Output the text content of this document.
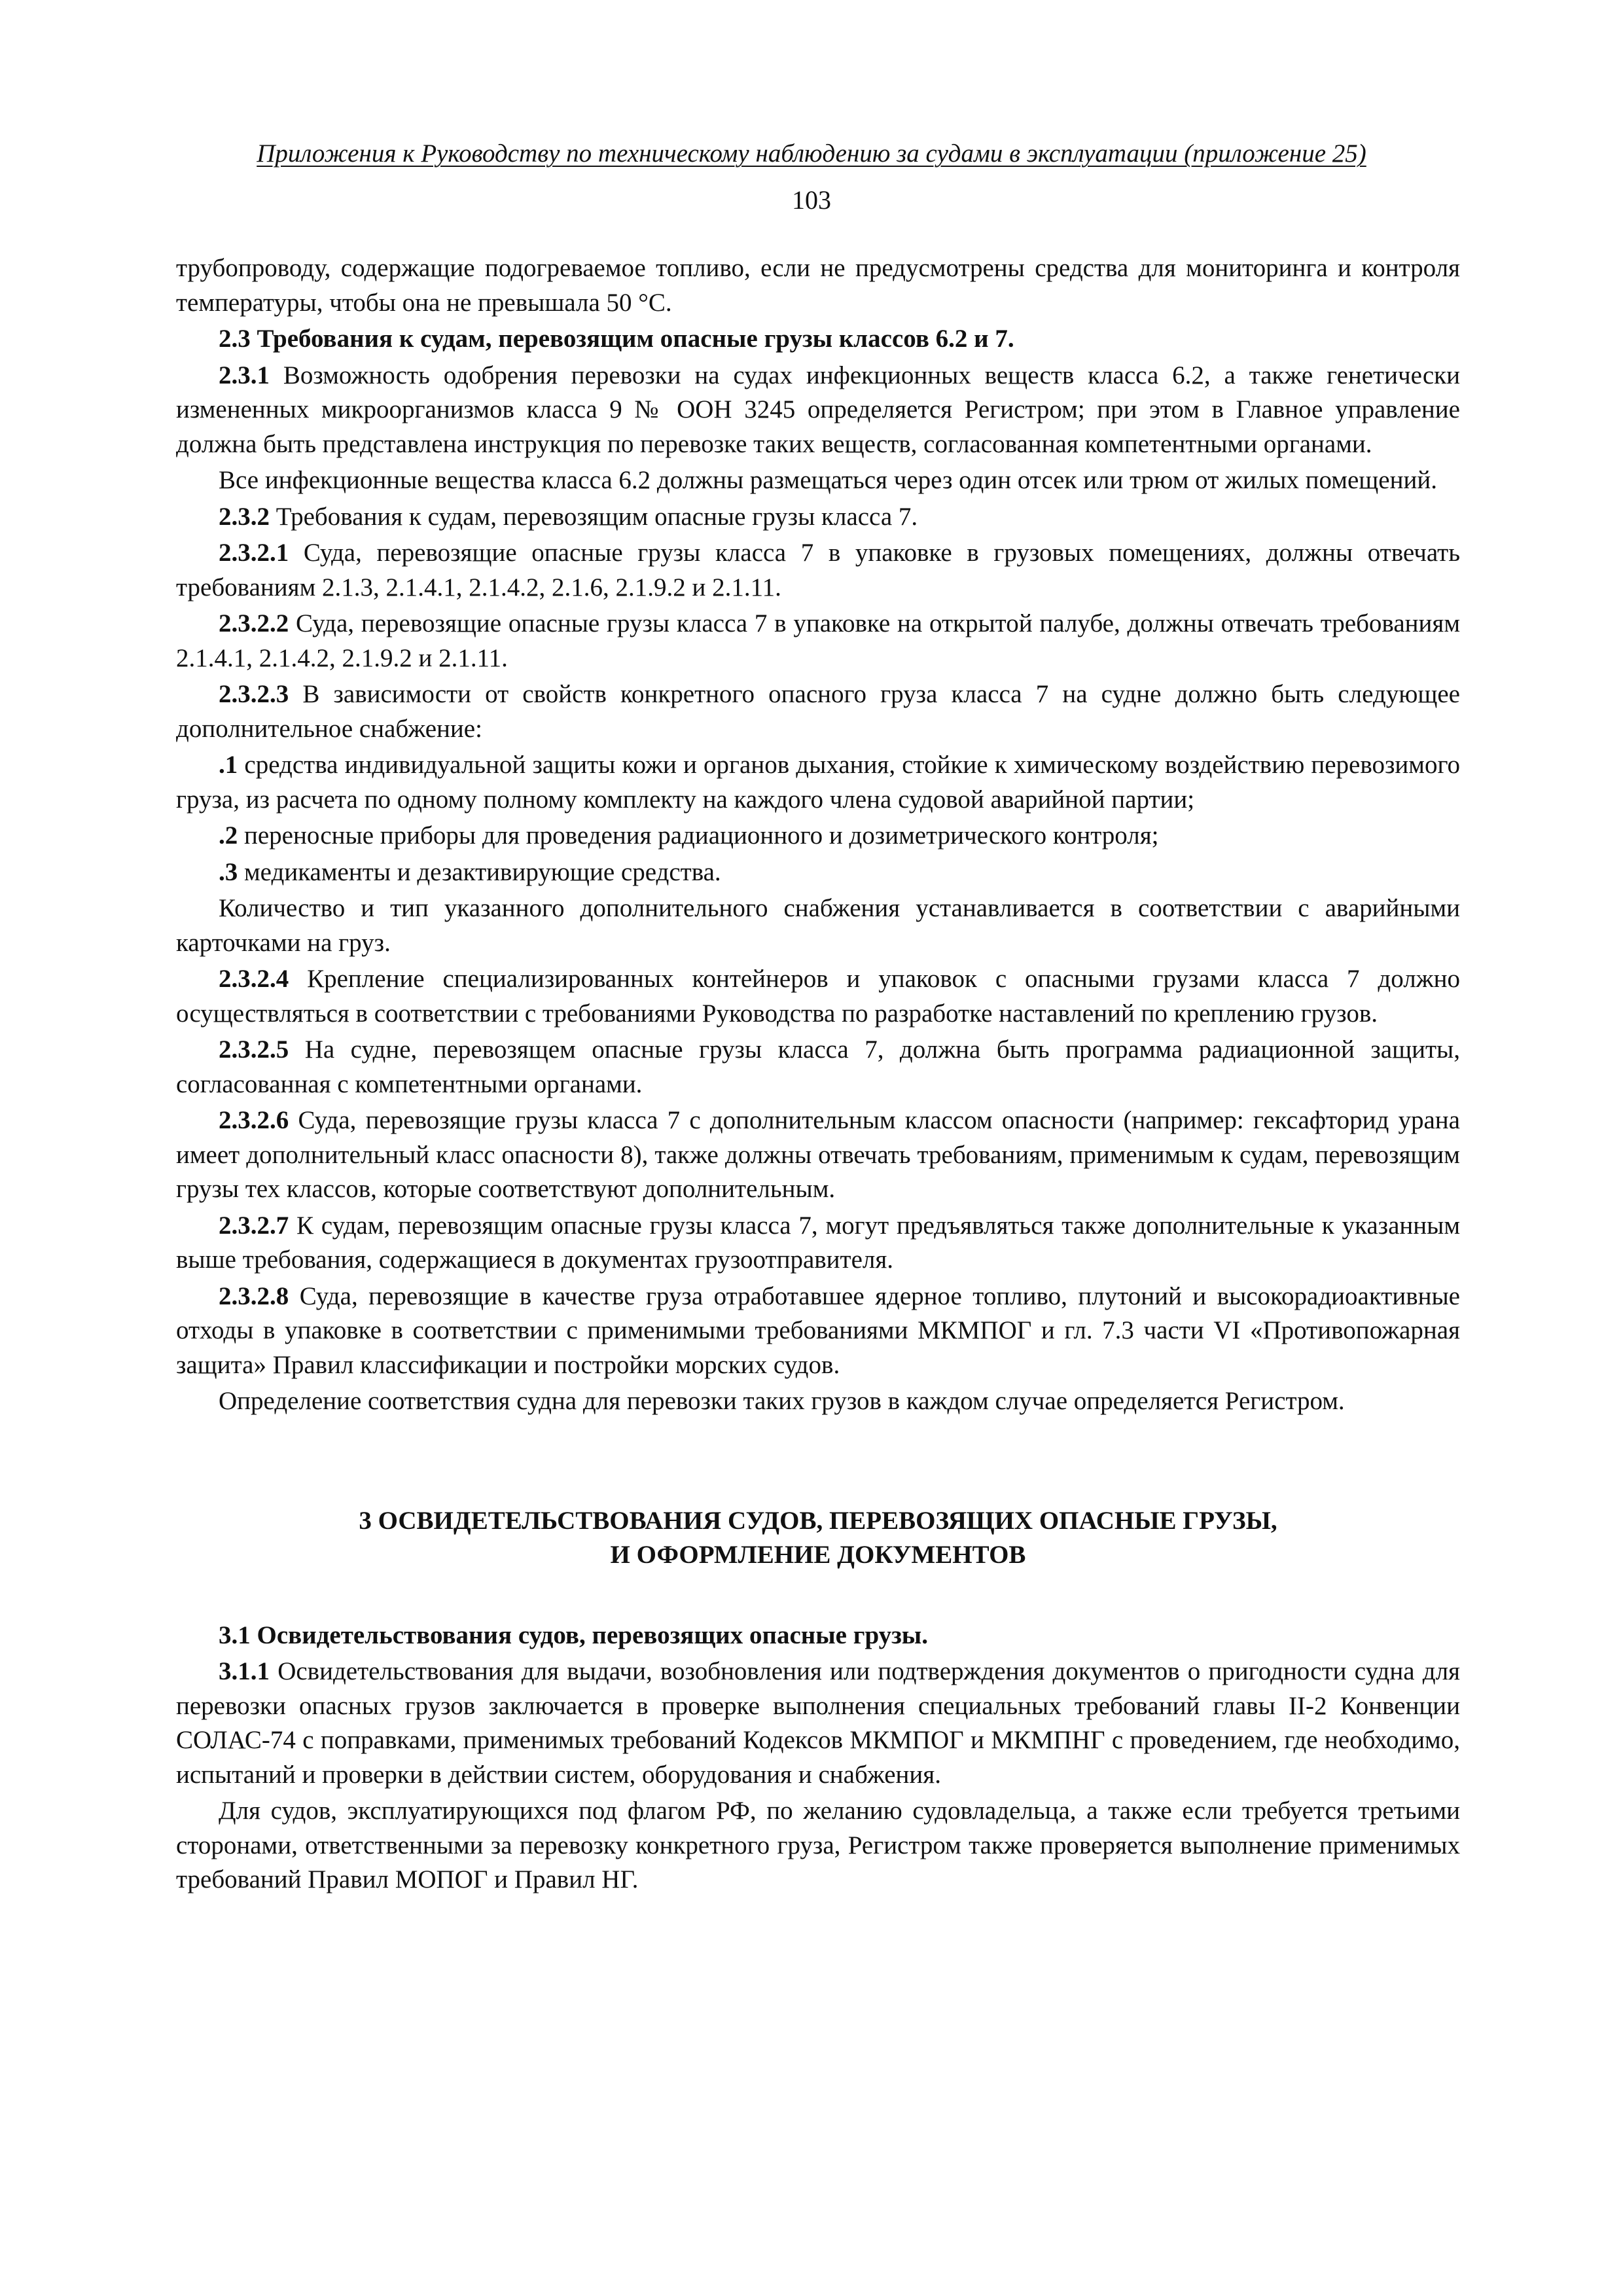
Приложения к Руководству по техническому наблюдению за судами в эксплуатации (приложение 25)
103

трубопроводу, содержащие подогреваемое топливо, если не предусмотрены средства для мониторинга и контроля температуры, чтобы она не превышала 50 °С.

2.3 Требования к судам, перевозящим опасные грузы классов 6.2 и 7.

2.3.1 Возможность одобрения перевозки на судах инфекционных веществ класса 6.2, а также генетически измененных микроорганизмов класса 9 № ООН 3245 определяется Регистром; при этом в Главное управление должна быть представлена инструкция по перевозке таких веществ, согласованная компетентными органами.

Все инфекционные вещества класса 6.2 должны размещаться через один отсек или трюм от жилых помещений.

2.3.2 Требования к судам, перевозящим опасные грузы класса 7.

2.3.2.1 Суда, перевозящие опасные грузы класса 7 в упаковке в грузовых помещениях, должны отвечать требованиям 2.1.3, 2.1.4.1, 2.1.4.2, 2.1.6, 2.1.9.2 и 2.1.11.

2.3.2.2 Суда, перевозящие опасные грузы класса 7 в упаковке на открытой палубе, должны отвечать требованиям 2.1.4.1, 2.1.4.2, 2.1.9.2 и 2.1.11.

2.3.2.3 В зависимости от свойств конкретного опасного груза класса 7 на судне должно быть следующее дополнительное снабжение:

.1 средства индивидуальной защиты кожи и органов дыхания, стойкие к химическому воздействию перевозимого груза, из расчета по одному полному комплекту на каждого члена судовой аварийной партии;

.2 переносные приборы для проведения радиационного и дозиметрического контроля;

.3 медикаменты и дезактивирующие средства.

Количество и тип указанного дополнительного снабжения устанавливается в соответствии с аварийными карточками на груз.

2.3.2.4 Крепление специализированных контейнеров и упаковок с опасными грузами класса 7 должно осуществляться в соответствии с требованиями Руководства по разработке наставлений по креплению грузов.

2.3.2.5 На судне, перевозящем опасные грузы класса 7, должна быть программа радиационной защиты, согласованная с компетентными органами.

2.3.2.6 Суда, перевозящие грузы класса 7 с дополнительным классом опасности (например: гексафторид урана имеет дополнительный класс опасности 8), также должны отвечать требованиям, применимым к судам, перевозящим грузы тех классов, которые соответствуют дополнительным.

2.3.2.7 К судам, перевозящим опасные грузы класса 7, могут предъявляться также дополнительные к указанным выше требования, содержащиеся в документах грузоотправителя.

2.3.2.8 Суда, перевозящие в качестве груза отработавшее ядерное топливо, плутоний и высокорадиоактивные отходы в упаковке в соответствии с применимыми требованиями МКМПОГ и гл. 7.3 части VI «Противопожарная защита» Правил классификации и постройки морских судов.

Определение соответствия судна для перевозки таких грузов в каждом случае определяется Регистром.

3 ОСВИДЕТЕЛЬСТВОВАНИЯ СУДОВ, ПЕРЕВОЗЯЩИХ ОПАСНЫЕ ГРУЗЫ,
И ОФОРМЛЕНИЕ ДОКУМЕНТОВ

3.1 Освидетельствования судов, перевозящих опасные грузы.

3.1.1 Освидетельствования для выдачи, возобновления или подтверждения документов о пригодности судна для перевозки опасных грузов заключается в проверке выполнения специальных требований главы II-2 Конвенции СОЛАС-74 с поправками, применимых требований Кодексов МКМПОГ и МКМПНГ с проведением, где необходимо, испытаний и проверки в действии систем, оборудования и снабжения.

Для судов, эксплуатирующихся под флагом РФ, по желанию судовладельца, а также если требуется третьими сторонами, ответственными за перевозку конкретного груза, Регистром также проверяется выполнение применимых требований Правил МОПОГ и Правил НГ.
